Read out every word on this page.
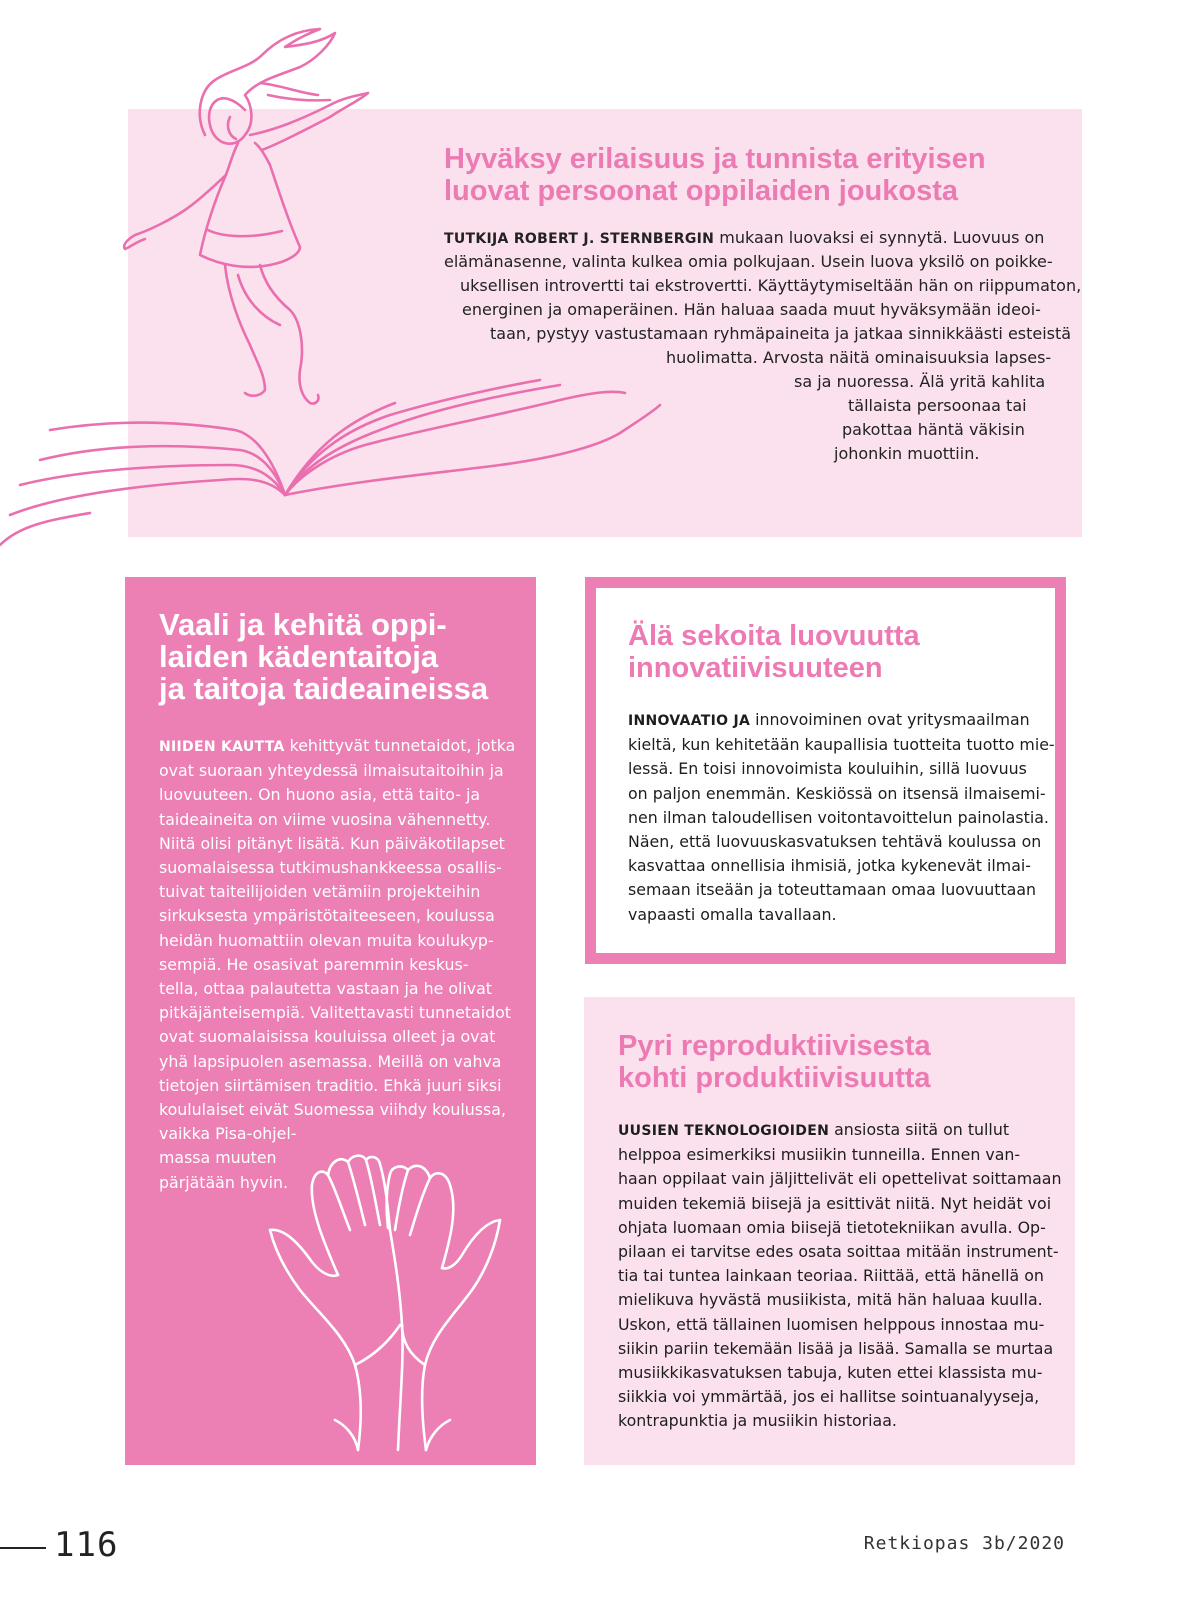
Hyväksy erilaisuus ja tunnista erityisen
luovat persoonat oppilaiden joukosta
TUTKIJA ROBERT J. STERNBERGIN mukaan luovaksi ei synnytä. Luovuus on
elämänasenne, valinta kulkea omia polkujaan. Usein luova yksilö on poikke-
uksellisen introvertti tai ekstrovertti. Käyttäytymiseltään hän on riippumaton,
energinen ja omaperäinen. Hän haluaa saada muut hyväksymään ideoi-
taan, pystyy vastustamaan ryhmäpaineita ja jatkaa sinnikkäästi esteistä
huolimatta. Arvosta näitä ominaisuuksia lapses-
sa ja nuoressa. Älä yritä kahlita
tällaista persoonaa tai
pakottaa häntä väkisin
johonkin muottiin.
Vaali ja kehitä oppi-
laiden kädentaitoja
ja taitoja taideaineissa
NIIDEN KAUTTA kehittyvät tunnetaidot, jotka
ovat suoraan yhteydessä ilmaisutaitoihin ja
luovuuteen. On huono asia, että taito- ja
taideaineita on viime vuosina vähennetty.
Niitä olisi pitänyt lisätä. Kun päiväkotilapset
suomalaisessa tutkimushankkeessa osallis-
tuivat taiteilijoiden vetämiin projekteihin
sirkuksesta ympäristötaiteeseen, koulussa
heidän huomattiin olevan muita koulukyp-
sempiä. He osasivat paremmin keskus-
tella, ottaa palautetta vastaan ja he olivat
pitkäjänteisempiä. Valitettavasti tunnetaidot
ovat suomalaisissa kouluissa olleet ja ovat
yhä lapsipuolen asemassa. Meillä on vahva
tietojen siirtämisen traditio. Ehkä juuri siksi
koululaiset eivät Suomessa viihdy koulussa,
vaikka Pisa-ohjel-
massa muuten
pärjätään hyvin.
Älä sekoita luovuutta
innovatiivisuuteen
INNOVAATIO JA innovoiminen ovat yritysmaailman
kieltä, kun kehitetään kaupallisia tuotteita tuotto mie-
lessä. En toisi innovoimista kouluihin, sillä luovuus
on paljon enemmän. Keskiössä on itsensä ilmaisemi-
nen ilman taloudellisen voitontavoittelun painolastia.
Näen, että luovuuskasvatuksen tehtävä koulussa on
kasvattaa onnellisia ihmisiä, jotka kykenevät ilmai-
semaan itseään ja toteuttamaan omaa luovuuttaan
vapaasti omalla tavallaan.
Pyri reproduktiivisesta
kohti produktiivisuutta
UUSIEN TEKNOLOGIOIDEN ansiosta siitä on tullut
helppoa esimerkiksi musiikin tunneilla. Ennen van-
haan oppilaat vain jäljittelivät eli opettelivat soittamaan
muiden tekemiä biisejä ja esittivät niitä. Nyt heidät voi
ohjata luomaan omia biisejä tietotekniikan avulla. Op-
pilaan ei tarvitse edes osata soittaa mitään instrument-
tia tai tuntea lainkaan teoriaa. Riittää, että hänellä on
mielikuva hyvästä musiikista, mitä hän haluaa kuulla.
Uskon, että tällainen luomisen helppous innostaa mu-
siikin pariin tekemään lisää ja lisää. Samalla se murtaa
musiikkikasvatuksen tabuja, kuten ettei klassista mu-
siikkia voi ymmärtää, jos ei hallitse sointuanalyyseja,
kontrapunktia ja musiikin historiaa.
116	Retkiopas 3b/2020
